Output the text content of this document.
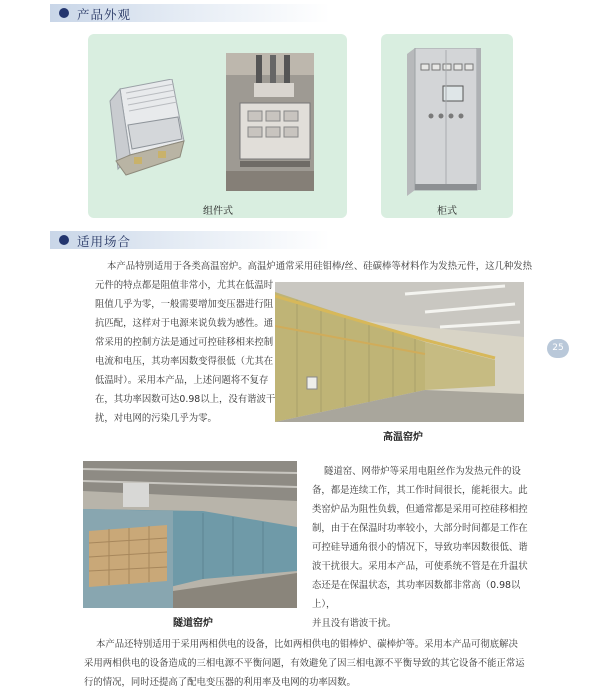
产品外观
组件式	柜式
适用场合

本产品特别适用于各类高温窑炉。高温炉通常采用硅钼棒/丝、硅碳棒等材料作为发热元件，这几种发热

元件的特点都是阻值非常小，尤其在低温时

阻值几乎为零，一般需要增加变压器进行阻

抗匹配，这样对于电源来说负载为感性。通

常采用的控制方法是通过可控硅移相来控制

电流和电压，其功率因数变得很低（尤其在

低温时）。采用本产品，上述问题将不复存

在，其功率因数可达0.98以上，没有谐波干

扰，对电网的污染几乎为零。

高温窑炉
25
隧道窑炉

隧道窑、网带炉等采用电阻丝作为发热元件的设

备，都是连续工作，其工作时间很长，能耗很大。此

类窑炉品为阻性负载，但通常都是采用可控硅移相控

制，由于在保温时功率较小，大部分时间都是工作在

可控硅导通角很小的情况下，导致功率因数很低、谐

波干扰很大。采用本产品，可使系统不管是在升温状

态还是在保温状态，其功率因数都非常高（0.98以上），

并且没有谐波干扰。

本产品还特别适用于采用两相供电的设备，比如两相供电的钼棒炉、碳棒炉等。采用本产品可彻底解决

采用两相供电的设备造成的三相电源不平衡问题，有效避免了因三相电源不平衡导致的其它设备不能正常运

行的情况，同时还提高了配电变压器的利用率及电网的功率因数。
